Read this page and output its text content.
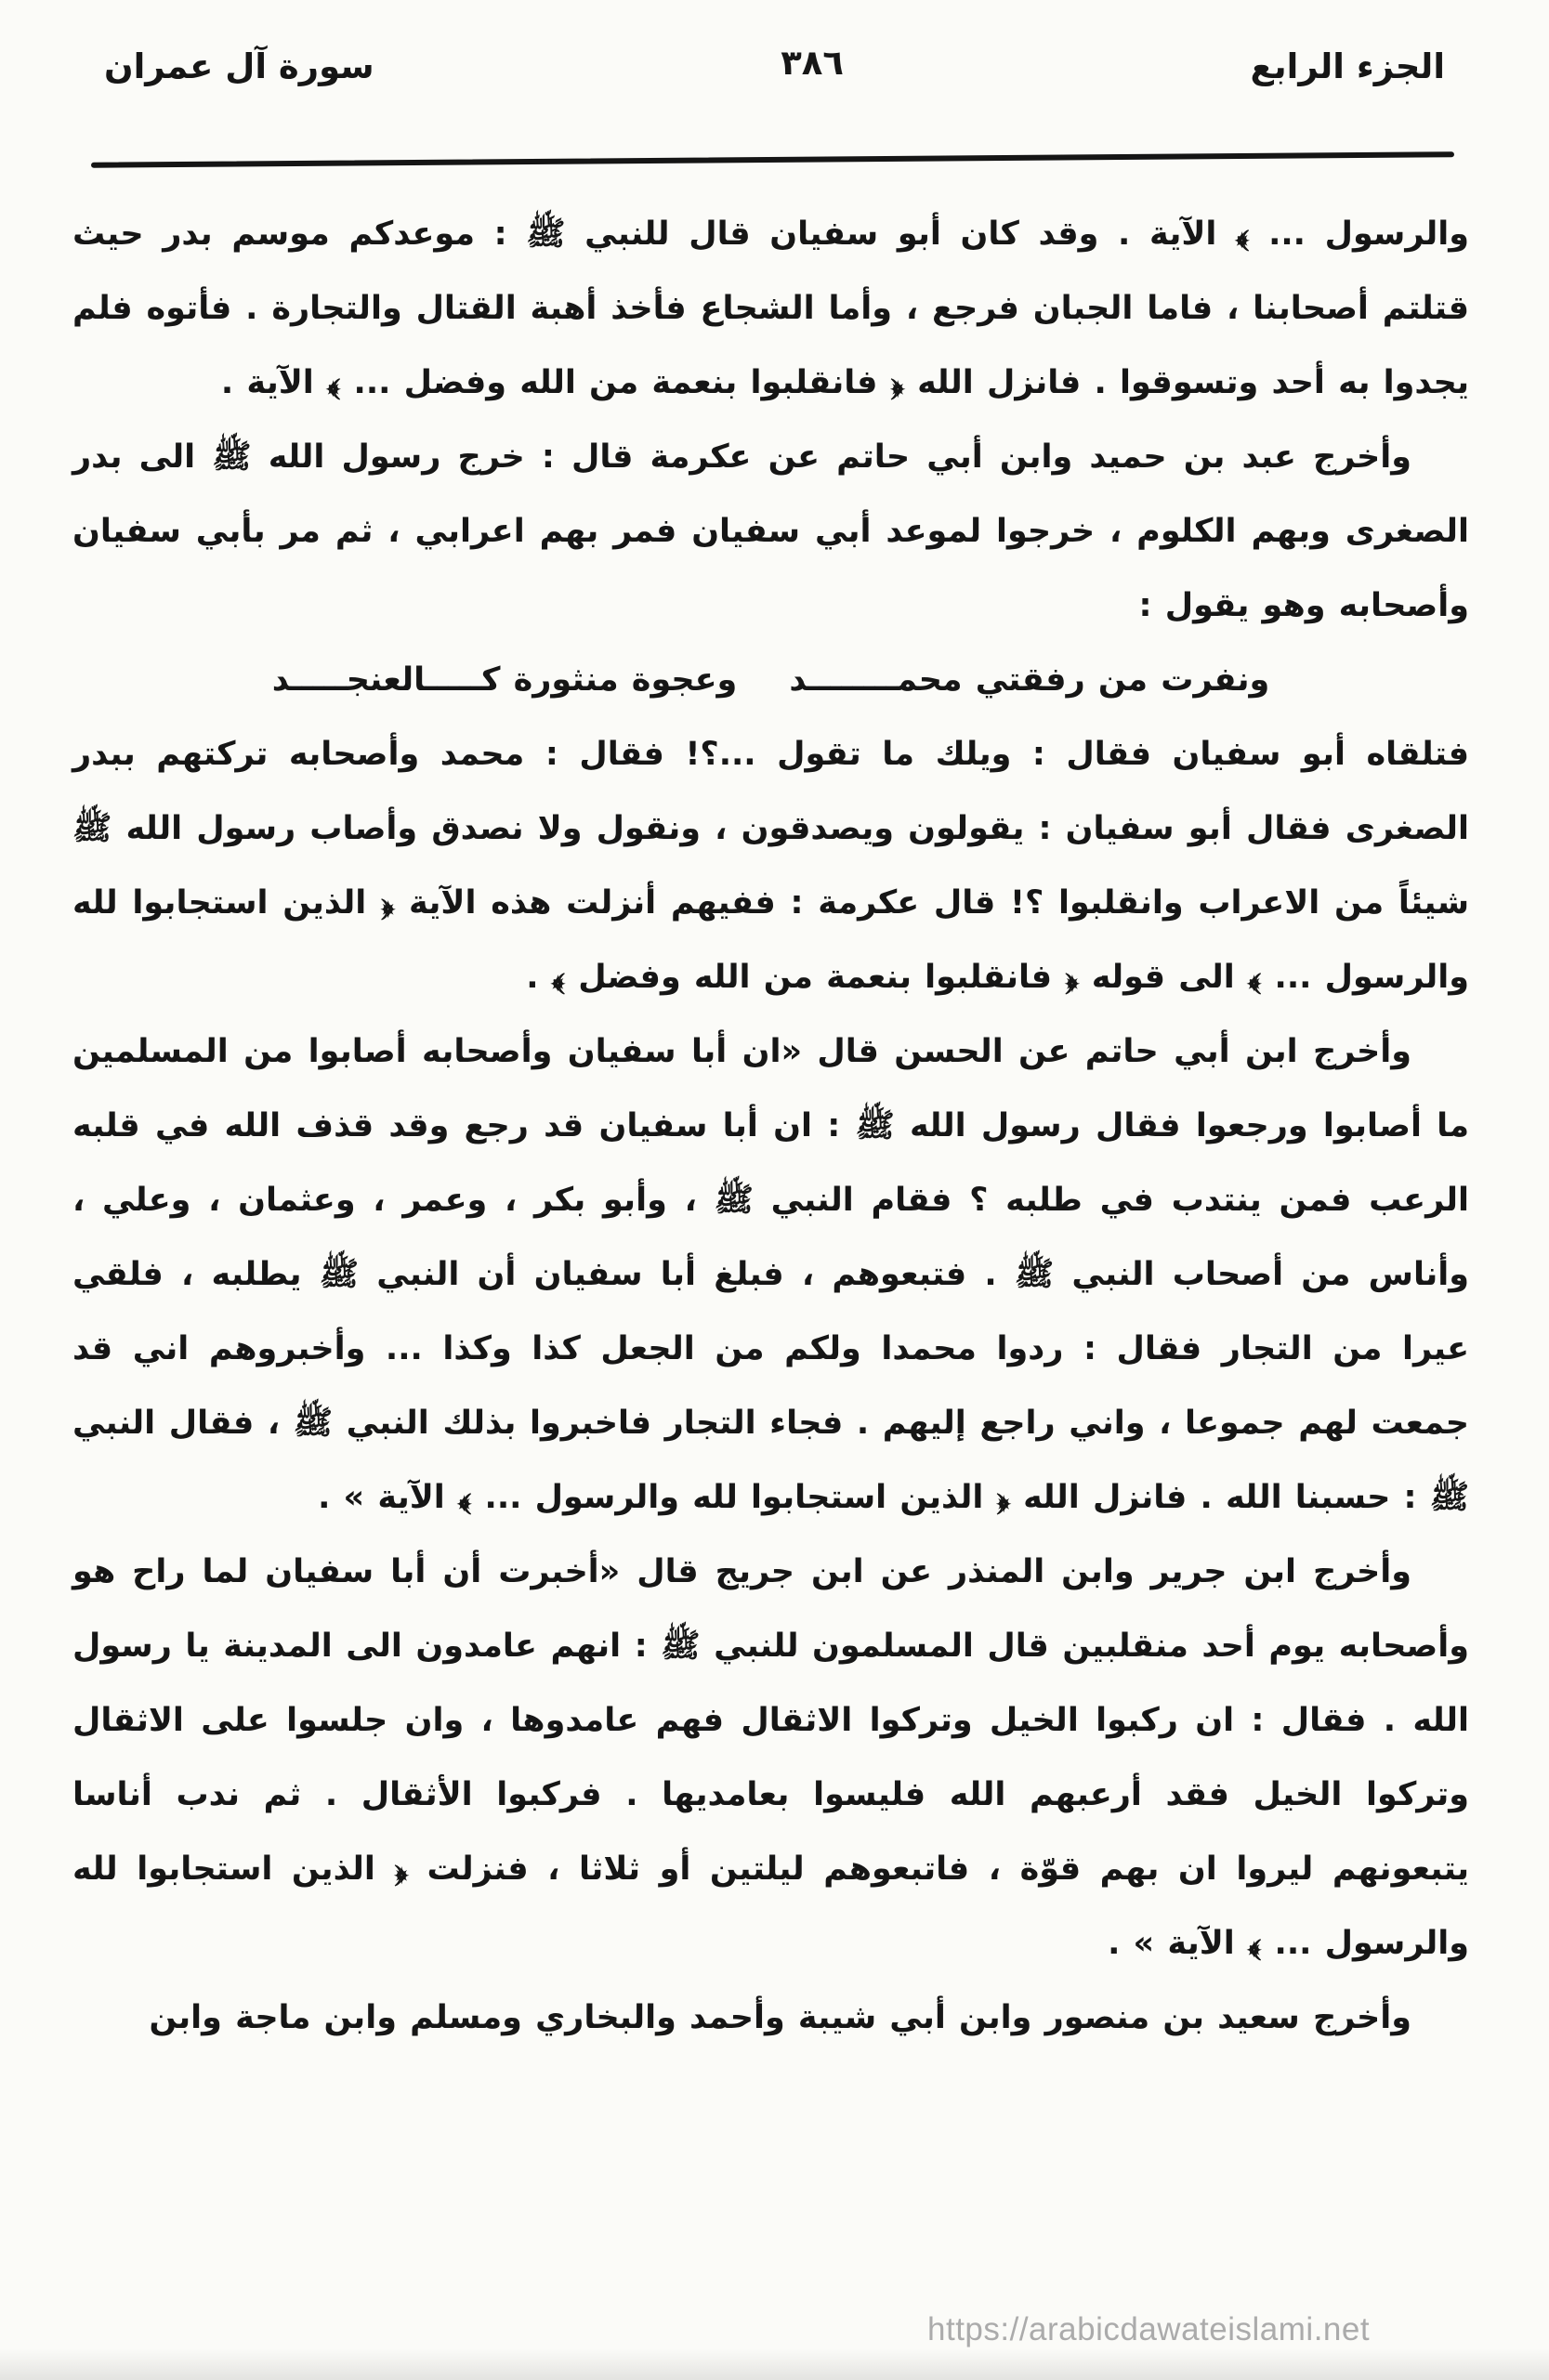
الجزء الرابع
٣٨٦
سورة آل عمران

والرسول ... ﴾ الآية . وقد كان أبو سفيان قال للنبي ﷺ : موعدكم موسم بدر حيث قتلتم أصحابنا ، فاما الجبان فرجع ، وأما الشجاع فأخذ أهبة القتال والتجارة . فأتوه فلم يجدوا به أحد وتسوقوا . فانزل الله ﴿ فانقلبوا بنعمة من الله وفضل ... ﴾ الآية .

وأخرج عبد بن حميد وابن أبي حاتم عن عكرمة قال : خرج رسول الله ﷺ الى بدر الصغرى وبهم الكلوم ، خرجوا لموعد أبي سفيان فمر بهم اعرابي ، ثم مر بأبي سفيان وأصحابه وهو يقول :

ونفرت من رفقتي محمــــــــد
وعجوة منثورة كـــــالعنجـــــد

فتلقاه أبو سفيان فقال : ويلك ما تقول ...؟! فقال : محمد وأصحابه تركتهم ببدر الصغرى فقال أبو سفيان : يقولون ويصدقون ، ونقول ولا نصدق وأصاب رسول الله ﷺ شيئاً من الاعراب وانقلبوا ؟! قال عكرمة : ففيهم أنزلت هذه الآية ﴿ الذين استجابوا لله والرسول ... ﴾ الى قوله ﴿ فانقلبوا بنعمة من الله وفضل ﴾ .

وأخرج ابن أبي حاتم عن الحسن قال «ان أبا سفيان وأصحابه أصابوا من المسلمين ما أصابوا ورجعوا فقال رسول الله ﷺ : ان أبا سفيان قد رجع وقد قذف الله في قلبه الرعب فمن ينتدب في طلبه ؟ فقام النبي ﷺ ، وأبو بكر ، وعمر ، وعثمان ، وعلي ، وأناس من أصحاب النبي ﷺ . فتبعوهم ، فبلغ أبا سفيان أن النبي ﷺ يطلبه ، فلقي عيرا من التجار فقال : ردوا محمدا ولكم من الجعل كذا وكذا ... وأخبروهم اني قد جمعت لهم جموعا ، واني راجع إليهم . فجاء التجار فاخبروا بذلك النبي ﷺ ، فقال النبي ﷺ : حسبنا الله . فانزل الله ﴿ الذين استجابوا لله والرسول ... ﴾ الآية » .

وأخرج ابن جرير وابن المنذر عن ابن جريج قال «أخبرت أن أبا سفيان لما راح هو وأصحابه يوم أحد منقلبين قال المسلمون للنبي ﷺ : انهم عامدون الى المدينة يا رسول الله . فقال : ان ركبوا الخيل وتركوا الاثقال فهم عامدوها ، وان جلسوا على الاثقال وتركوا الخيل فقد أرعبهم الله فليسوا بعامديها . فركبوا الأثقال . ثم ندب أناسا يتبعونهم ليروا ان بهم قوّة ، فاتبعوهم ليلتين أو ثلاثا ، فنزلت ﴿ الذين استجابوا لله والرسول ... ﴾ الآية » .

وأخرج سعيد بن منصور وابن أبي شيبة وأحمد والبخاري ومسلم وابن ماجة وابن

https://arabicdawateislami.net
